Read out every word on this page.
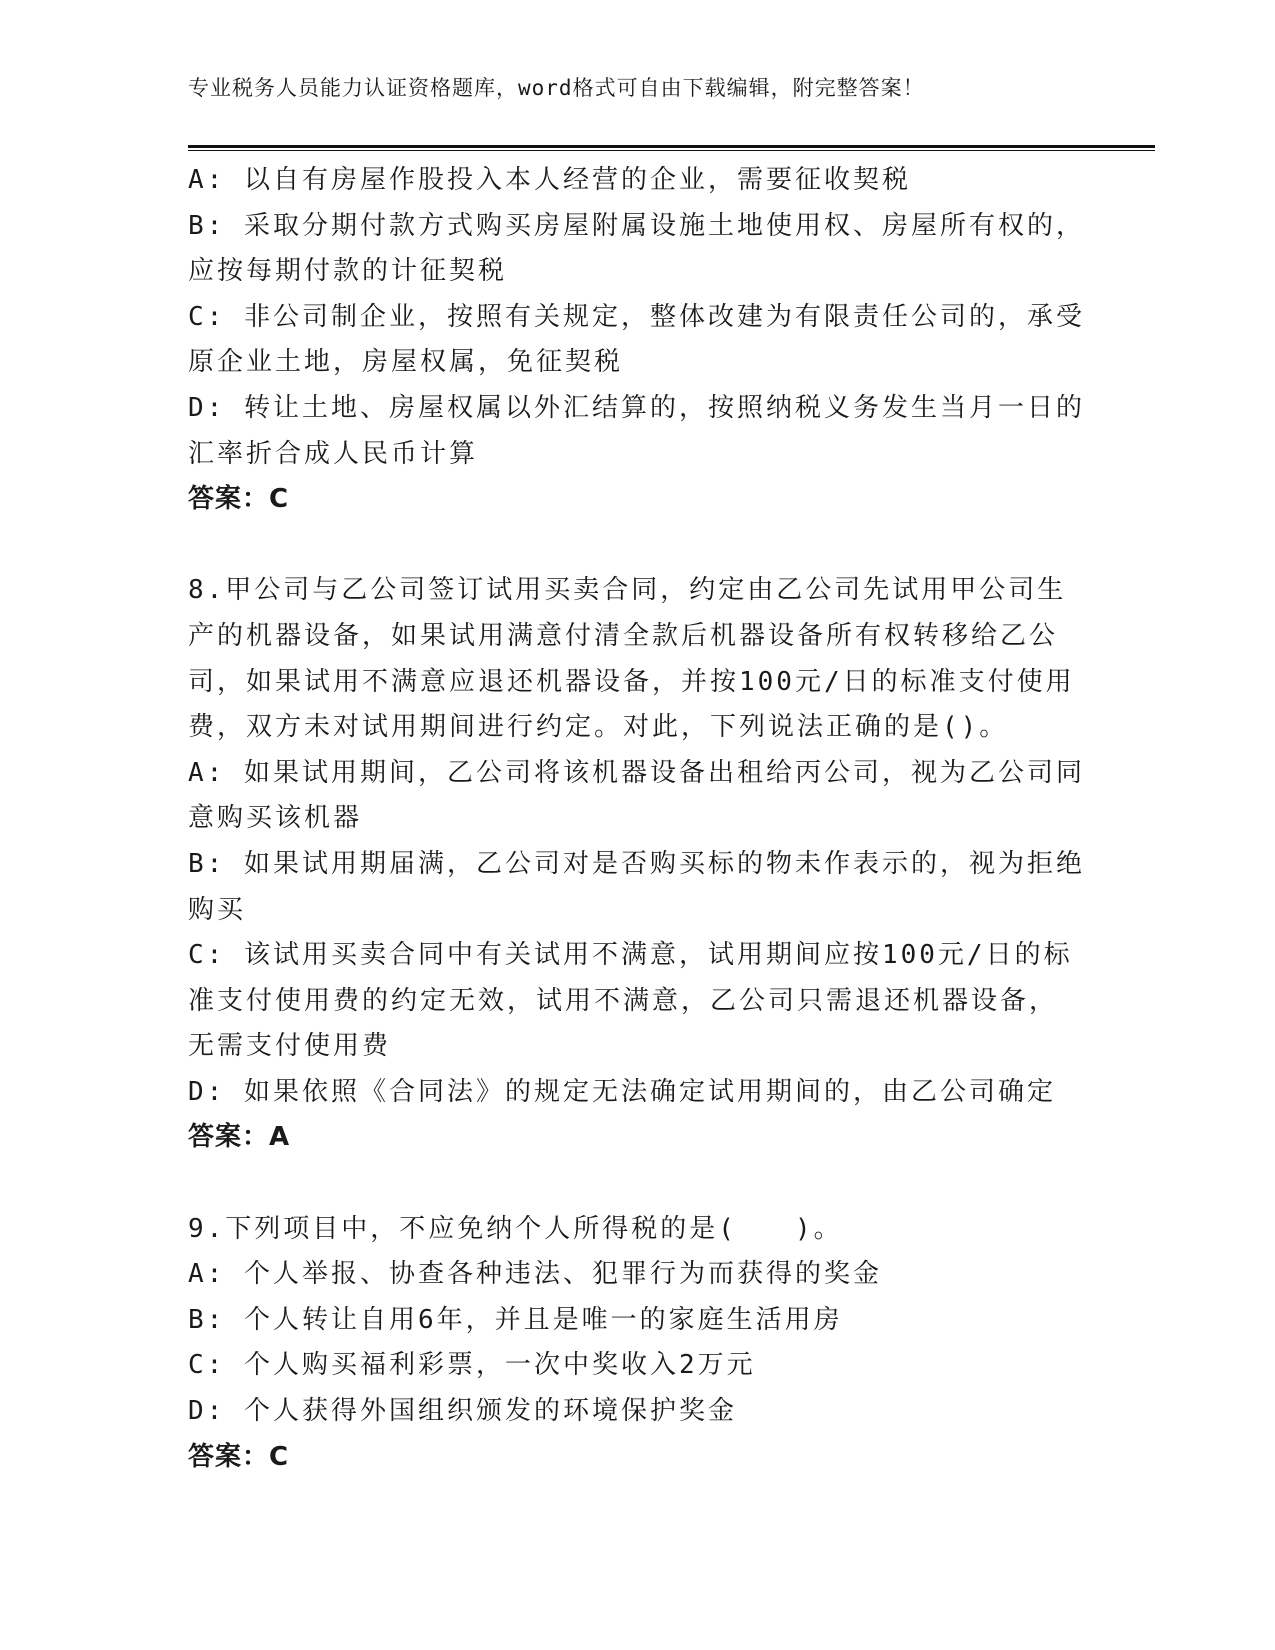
专业税务人员能力认证资格题库，word格式可自由下载编辑，附完整答案！
A: 以自有房屋作股投入本人经营的企业，需要征收契税
B: 采取分期付款方式购买房屋附属设施土地使用权、房屋所有权的，
应按每期付款的计征契税
C: 非公司制企业，按照有关规定，整体改建为有限责任公司的，承受
原企业土地，房屋权属，免征契税
D: 转让土地、房屋权属以外汇结算的，按照纳税义务发生当月一日的
汇率折合成人民币计算
答案：C
8.甲公司与乙公司签订试用买卖合同，约定由乙公司先试用甲公司生
产的机器设备，如果试用满意付清全款后机器设备所有权转移给乙公
司，如果试用不满意应退还机器设备，并按100元/日的标准支付使用
费，双方未对试用期间进行约定。对此，下列说法正确的是()。
A: 如果试用期间，乙公司将该机器设备出租给丙公司，视为乙公司同
意购买该机器
B: 如果试用期届满，乙公司对是否购买标的物未作表示的，视为拒绝
购买
C: 该试用买卖合同中有关试用不满意，试用期间应按100元/日的标
准支付使用费的约定无效，试用不满意，乙公司只需退还机器设备，
无需支付使用费
D: 如果依照《合同法》的规定无法确定试用期间的，由乙公司确定
答案：A
9.下列项目中，不应免纳个人所得税的是(　　)。
A: 个人举报、协查各种违法、犯罪行为而获得的奖金
B: 个人转让自用6年，并且是唯一的家庭生活用房
C: 个人购买福利彩票，一次中奖收入2万元
D: 个人获得外国组织颁发的环境保护奖金
答案：C
